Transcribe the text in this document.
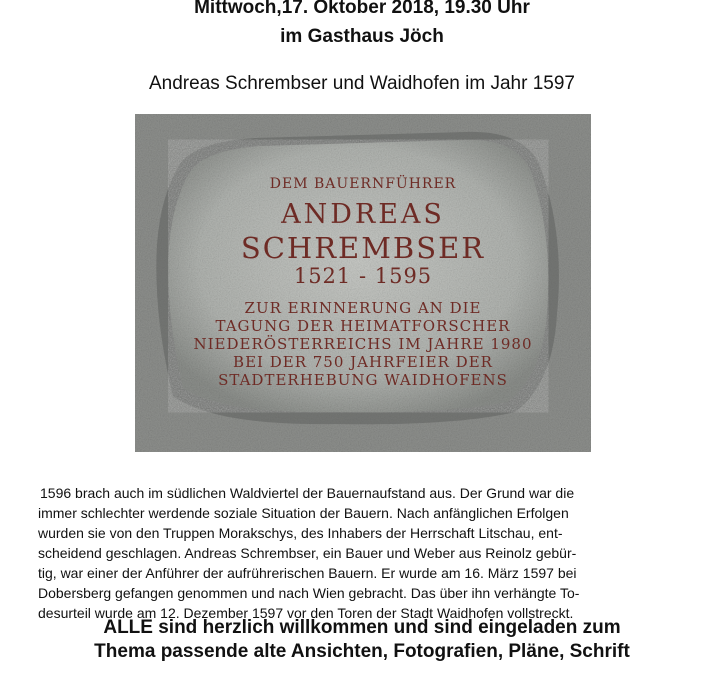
Mittwoch,17. Oktober 2018, 19.30 Uhr
im Gasthaus Jöch
Andreas Schrembser und Waidhofen im Jahr 1597
DEM BAUERNFÜHRER
ANDREAS
SCHREMBSER
1521 - 1595
ZUR ERINNERUNG AN DIE
TAGUNG DER HEIMATFORSCHER
NIEDERÖSTERREICHS IM JAHRE 1980
BEI DER 750 JAHRFEIER DER
STADTERHEBUNG WAIDHOFENS
1596 brach auch im südlichen Waldviertel der Bauernaufstand aus. Der Grund war die
immer schlechter werdende soziale Situation der Bauern. Nach anfänglichen Erfolgen
wurden sie von den Truppen Morakschys, des Inhabers der Herrschaft Litschau, ent-
scheidend geschlagen. Andreas Schrembser, ein Bauer und Weber aus Reinolz gebür-
tig, war einer der Anführer der aufrührerischen Bauern. Er wurde am 16. März 1597 bei
Dobersberg gefangen genommen und nach Wien gebracht. Das über ihn verhängte To-
desurteil wurde am 12. Dezember 1597 vor den Toren der Stadt Waidhofen vollstreckt.
ALLE sind herzlich willkommen und sind eingeladen zum
Thema passende alte Ansichten, Fotografien, Pläne, Schrift
